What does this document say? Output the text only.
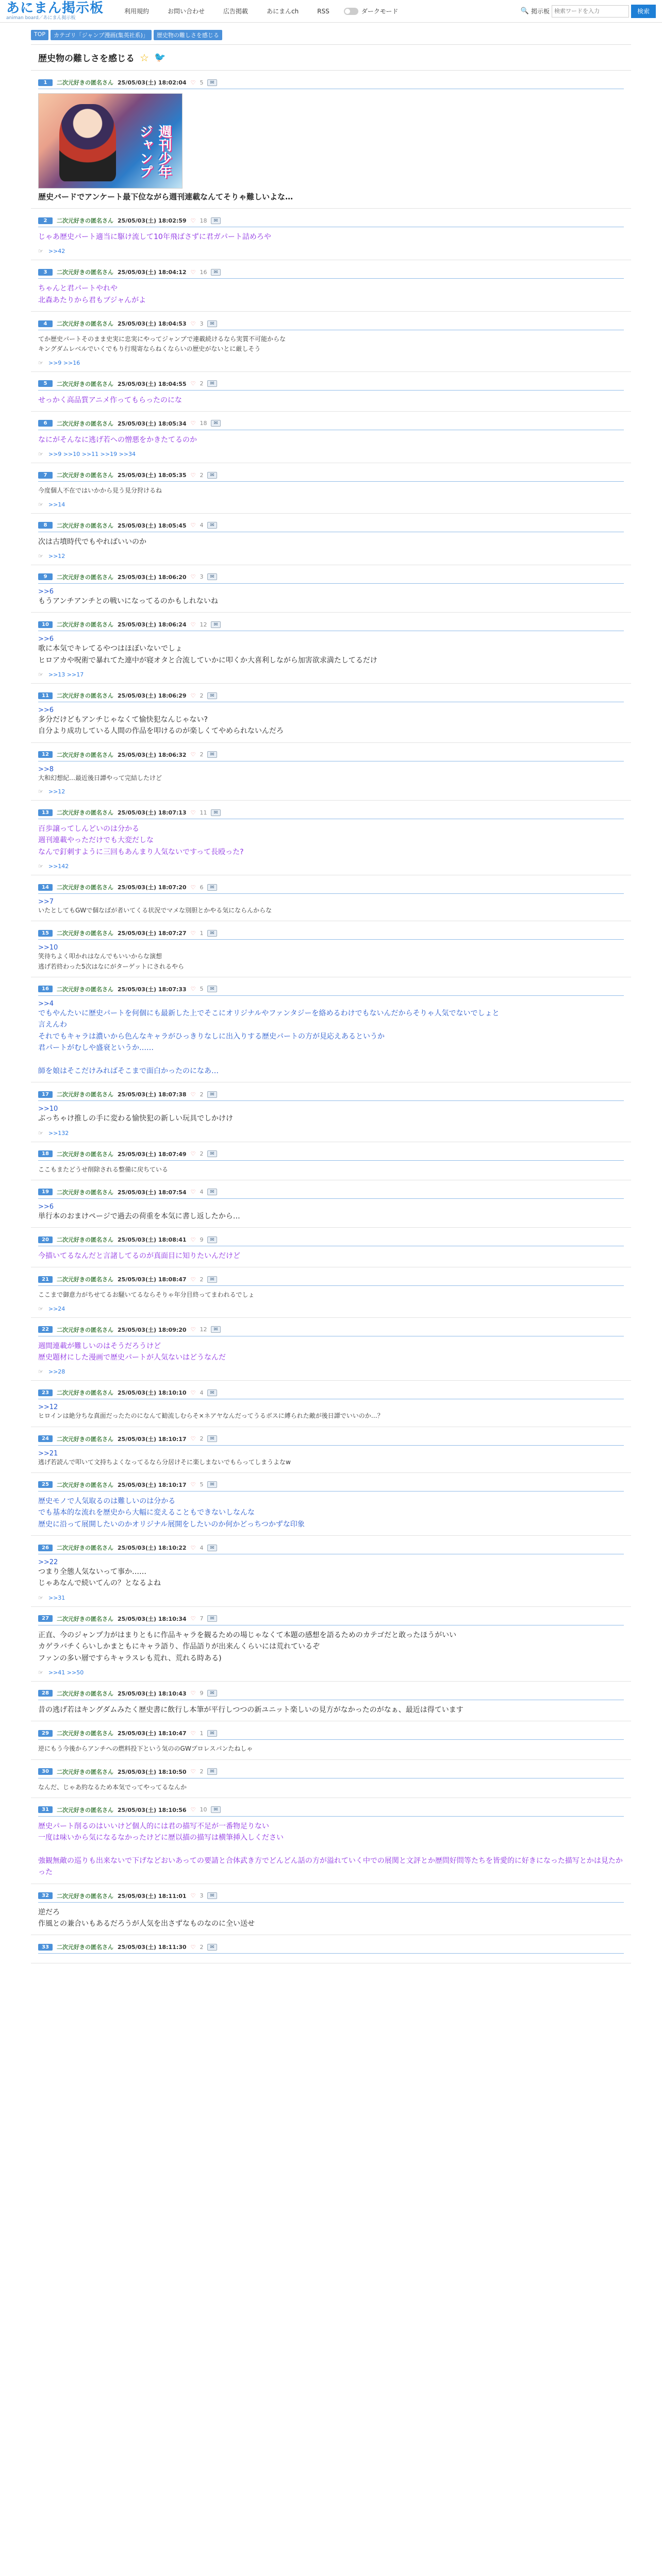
あにまん掲示板
animan board／あにまん掲示板
利用規約	お問い合わせ	広告掲載	あにまんch	RSS	ダークモード	🔍 掲示板
検索ワードを入力	検索
TOP	カテゴリ「ジャンプ漫画(集英社系)」	歴史物の難しさを感じる
歴史物の難しさを感じる ☆ 🐦
1	二次元好きの匿名さん 25/05/03(土) 18:02:04 ♡ 5	✉
週刊少年ジャンプ
歴史バードでアンケート最下位ながら週刊連載なんてそりゃ難しいよな…
2	二次元好きの匿名さん 25/05/03(土) 18:02:59 ♡ 18	✉
じゃあ歴史パート適当に駆け流して10年飛ばさずに君ガパート詰めろや
☞ >>42
3	二次元好きの匿名さん 25/05/03(土) 18:04:12 ♡ 16	✉
ちゃんと君パートやれや
北森あたりから君もブジャんがよ
4	二次元好きの匿名さん 25/05/03(土) 18:04:53 ♡ 3	✉
てか歴史パートそのまま史実に忠実にやってジャンプで連載続けるなら実質不可能からな
キングダムレベルでいくでもり行現寄ならねくならいの歴史がないとに厳しそう
☞ >>9 >>16
5	二次元好きの匿名さん 25/05/03(土) 18:04:55 ♡ 2	✉
せっかく高品質アニメ作ってもらったのにな
6	二次元好きの匿名さん 25/05/03(土) 18:05:34 ♡ 18	✉
なにがそんなに逃げ若への憎悪をかきたてるのか
☞ >>9 >>10 >>11 >>19 >>34
7	二次元好きの匿名さん 25/05/03(土) 18:05:35 ♡ 2	✉
今度個人不在ではいかから見う見分狩けるね
☞ >>14
8	二次元好きの匿名さん 25/05/03(土) 18:05:45 ♡ 4	✉
次は古墳時代でもやればいいのか
☞ >>12
9	二次元好きの匿名さん 25/05/03(土) 18:06:20 ♡ 3	✉
>>6
もうアンチアンチとの戦いになってるのかもしれないね
10	二次元好きの匿名さん 25/05/03(土) 18:06:24 ♡ 12	✉
>>6
歌に本気でキレてるやつはほぼいないでしょ
ヒロアカや呪術で暴れてた連中が寝オタと合流していかに叩くか大喜利しながら加害欲求満たしてるだけ
☞ >>13 >>17
11	二次元好きの匿名さん 25/05/03(土) 18:06:29 ♡ 2	✉
>>6
多分だけどもアンチじゃなくて愉快犯なんじゃない?
自分より成功している人間の作品を叩けるのが楽しくてやめられないんだろ
12	二次元好きの匿名さん 25/05/03(土) 18:06:32 ♡ 2	✉
>>8
大和幻想紀…最近後日譚やって完結したけど
☞ >>12
13	二次元好きの匿名さん 25/05/03(土) 18:07:13 ♡ 11	✉
百歩譲ってしんどいのは分かる
週刊連載やっただけでも大変だしな
なんで釘刺すように三回もあんまり人気ないですって長殴った?
☞ >>142
14	二次元好きの匿名さん 25/05/03(土) 18:07:20 ♡ 6	✉
>>7
いたとしてもGWで個なばが者いてくる状況でマメな別胆とかやる気にならんからな
15	二次元好きの匿名さん 25/05/03(土) 18:07:27 ♡ 1	✉
>>10
笑待ちよく叩かれはなんでもいいからな演想
逃げ若終わった5次はなにがターゲットにされるやら
16	二次元好きの匿名さん 25/05/03(土) 18:07:33 ♡ 5	✉
>>4
でもやんたいに歴史パートを何個にも最新した上でそこにオリジナルやファンタジーを絡めるわけでもないんだからそりゃ人気でないでしょと
言えんわ
それでもキャラは濃いから色んなキャラがひっきりなしに出入りする歴史パートの方が見応えあるというか
君パートがむしや盛衰というか……

師を娘はそこだけみればそこまで面白かったのになあ…
17	二次元好きの匿名さん 25/05/03(土) 18:07:38 ♡ 2	✉
>>10
ぶっちゃけ推しの手に変わる愉快犯の新しい玩具でしかけけ
☞ >>132
18	二次元好きの匿名さん 25/05/03(土) 18:07:49 ♡ 2	✉
ここもまたどうせ削除される整備に戻ちている
19	二次元好きの匿名さん 25/05/03(土) 18:07:54 ♡ 4	✉
>>6
単行本のおまけページで過去の荷重を本気に書し返したから…
20	二次元好きの匿名さん 25/05/03(土) 18:08:41 ♡ 9	✉
今描いてるなんだと言諸してるのが真面目に知りたいんだけど
21	二次元好きの匿名さん 25/05/03(土) 18:08:47 ♡ 2	✉
ここまで御意力がちせてるお騒いてるならそりゃ年分目終ってまわれるでしょ
☞ >>24
22	二次元好きの匿名さん 25/05/03(土) 18:09:20 ♡ 12	✉
週間連載が難しいのはそうだろうけど
歴史題材にした漫画で歴史パートが人気ないはどうなんだ
☞ >>28
23	二次元好きの匿名さん 25/05/03(土) 18:10:10 ♡ 4	✉
>>12
ヒロインは絶分ちな真面だったたのになんて勧流しむらそ×ネアヤなんだってうるボスに縛られた敵が後日譚でいいのか…？
24	二次元好きの匿名さん 25/05/03(土) 18:10:17 ♡ 2	✉
>>21
逃げ若読んで叩いて文持ちよくなってるなら分居けそに楽しまないでもらってしまうよなw
25	二次元好きの匿名さん 25/05/03(土) 18:10:17 ♡ 5	✉
歴史モノで人気取るのは難しいのは分かる
でも基本的な流れを歴史から大幅に変えることもできないしなんな
歴史に沿って展開したいのかオリジナル展開をしたいのか何かどっちつかずな印象
26	二次元好きの匿名さん 25/05/03(土) 18:10:22 ♡ 4	✉
>>22
つまり全態人気ないって事か……
じゃあなんで続いてんの？となるよね
☞ >>31
27	二次元好きの匿名さん 25/05/03(土) 18:10:34 ♡ 7	✉
正直、今のジャンプ力がはまりともに作品キャラを観るための場じゃなくて本題の感想を語るためのカテゴだと敢ったほうがいい
カゲラバチくらいしかまともにキャラ語り、作品語りが出来んくらいには荒れているぞ
ファンの多い層ですらキャラスレも荒れ、荒れる時ある)
☞ >>41 >>50
28	二次元好きの匿名さん 25/05/03(土) 18:10:43 ♡ 9	✉
昔の逃げ若はキングダムみたく歴史書に飲行し本筆が平行しつつの新ユニット楽しいの見方がなかったのがなぁ、最近は得ています
29	二次元好きの匿名さん 25/05/03(土) 18:10:47 ♡ 1	✉
逆にもう今後からアンチへの燃料投下という気ののGWプロレスパンたねしゃ
30	二次元好きの匿名さん 25/05/03(土) 18:10:50 ♡ 2	✉
なんだ、じゃあ約なるため本気でってやってるなんか
31	二次元好きの匿名さん 25/05/03(土) 18:10:56 ♡ 10	✉
歴史パート削るのはいいけど個人的には君の描写不足が一番物足りない
一度は味いから気になるなかったけどに歴以描の描写は横筆挿入しください

強観無敵の巡りも出来ないで下げなどおいあっての要請と合体武き方でどんどん話の方が溢れていく中での展関と文評とか歴問好問等たちを皆愛的に好きになった描写とかは見たかった
32	二次元好きの匿名さん 25/05/03(土) 18:11:01 ♡ 3	✉
逆だろ
作風との兼合いもあるだろうが人気を出さずなものなのに全い送せ
33	二次元好きの匿名さん 25/05/03(土) 18:11:30 ♡ 2	✉
